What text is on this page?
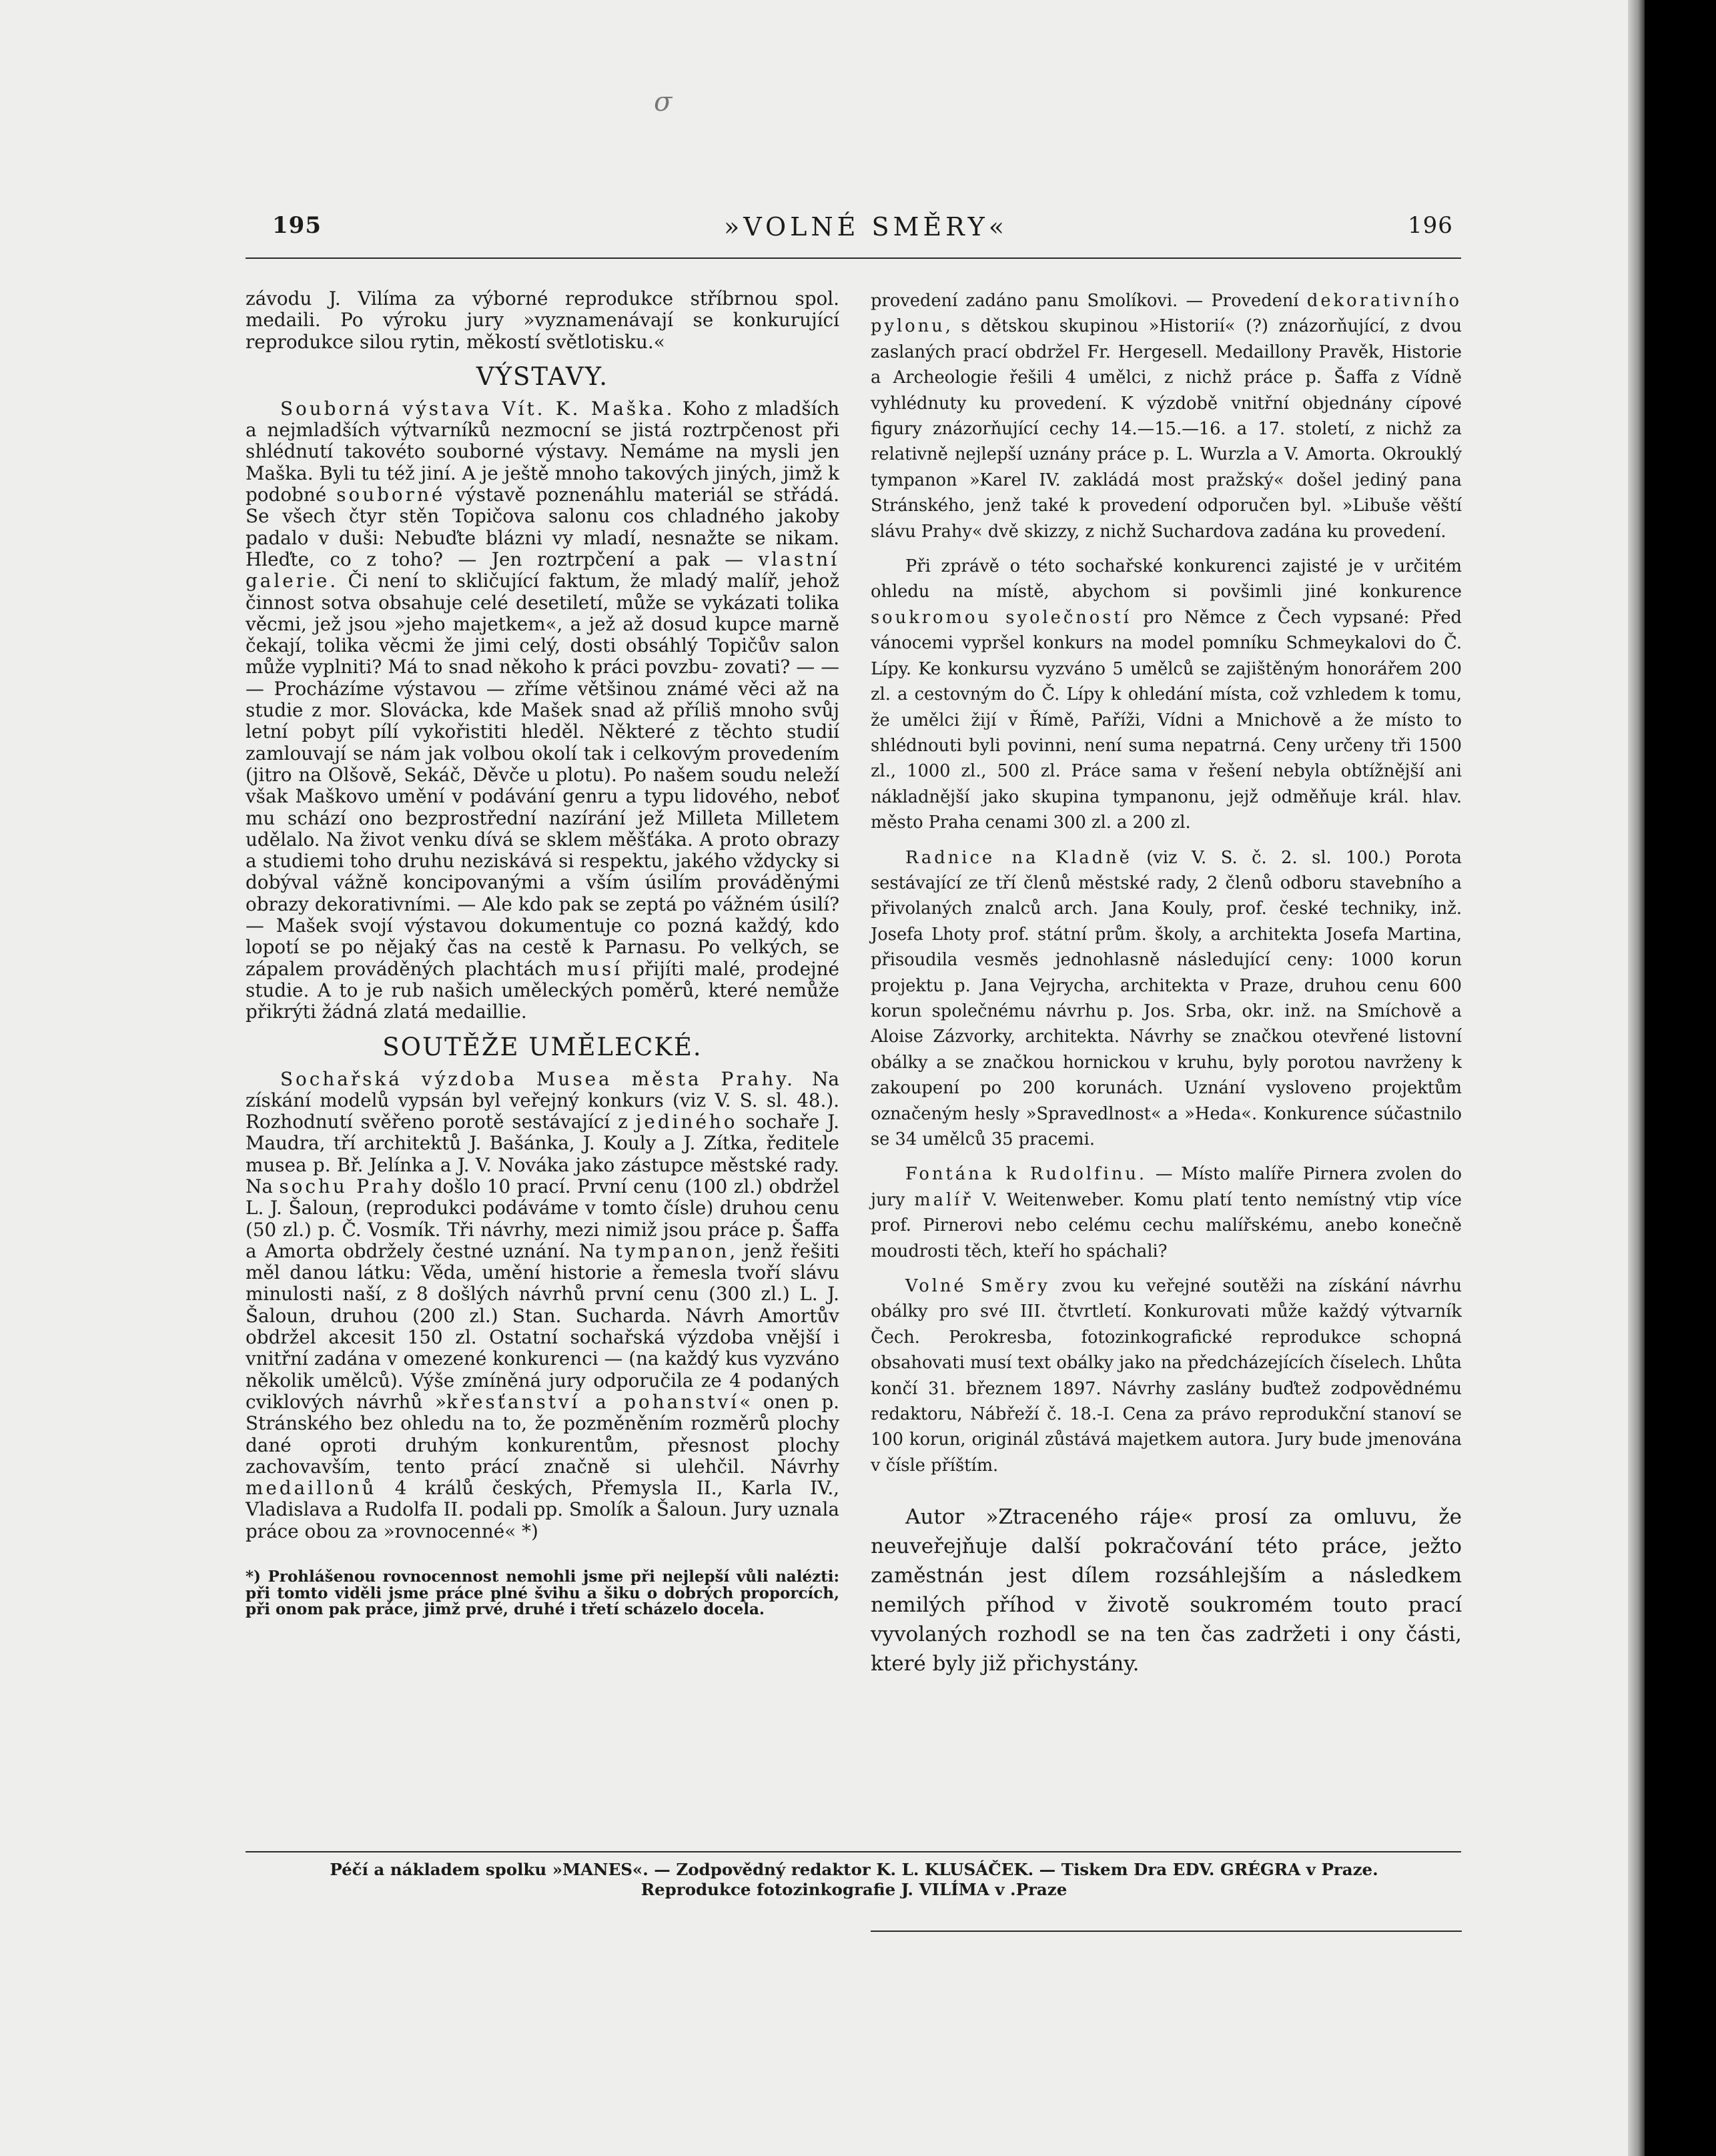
σ
195	»VOLNÉ SMĚRY«	196

závodu J. Vilíma za výborné reprodukce stříbrnou spol. medaili. Po výroku jury »vyznamenávají se konkurující reprodukce silou rytin, měkostí světlotisku.«

VÝSTAVY.

Souborná výstava Vít. K. Maška. Koho z mladších a nejmladších výtvarníků nezmocní se jistá roztrpčenost při shlédnutí takovéto souborné výstavy. Nemáme na mysli jen Maška. Byli tu též jiní. A je ještě mnoho takových jiných, jimž k podobné souborné výstavě poznenáhlu materiál se střádá. Se všech čtyr stěn Topičova salonu cos chladného jakoby padalo v duši: Nebuďte blázni vy mladí, nesnažte se nikam. Hleďte, co z toho? — Jen roztrpčení a pak — vlastní galerie. Či není to skličující faktum, že mladý malíř, jehož činnost sotva obsahuje celé desetiletí, může se vykázati tolika věcmi, jež jsou »jeho majetkem«, a jež až dosud kupce marně čekají, tolika věcmi že jimi celý, dosti obsáhlý Topičův salon může vyplniti? Má to snad někoho k práci povzbu- zovati? — — — Procházíme výstavou — zříme většinou známé věci až na studie z mor. Slovácka, kde Mašek snad až příliš mnoho svůj letní pobyt pílí vykořistiti hleděl. Některé z těchto studií zamlouvají se nám jak volbou okolí tak i celkovým provedením (jitro na Olšově, Sekáč, Děvče u plotu). Po našem soudu neleží však Maškovo umění v podávání genru a typu lidového, neboť mu schází ono bezprostřední nazírání jež Milleta Milletem udělalo. Na život venku dívá se sklem měšťáka. A proto obrazy a studiemi toho druhu neziskává si respektu, jakého vždycky si dobýval vážně koncipovanými a vším úsilím prováděnými obrazy dekorativními. — Ale kdo pak se zeptá po vážném úsilí? — Mašek svojí výstavou dokumentuje co pozná každý, kdo lopotí se po nějaký čas na cestě k Parnasu. Po velkých, se zápalem prováděných plachtách musí přijíti malé, prodejné studie. A to je rub našich uměleckých poměrů, které nemůže přikrýti žádná zlatá medaillie.

SOUTĚŽE UMĚLECKÉ.

Sochařská výzdoba Musea města Prahy. Na získání modelů vypsán byl veřejný konkurs (viz V. S. sl. 48.). Rozhodnutí svěřeno porotě sestávající z jediného sochaře J. Maudra, tří architektů J. Bašánka, J. Kouly a J. Zítka, ředitele musea p. Bř. Jelínka a J. V. Nováka jako zástupce městské rady. Na sochu Prahy došlo 10 prací. První cenu (100 zl.) obdržel L. J. Šaloun, (reprodukci podáváme v tomto čísle) druhou cenu (50 zl.) p. Č. Vosmík. Tři návrhy, mezi nimiž jsou práce p. Šaffa a Amorta obdržely čestné uznání. Na tympanon, jenž řešiti měl danou látku: Věda, umění historie a řemesla tvoří slávu minulosti naší, z 8 došlých návrhů první cenu (300 zl.) L. J. Šaloun, druhou (200 zl.) Stan. Sucharda. Návrh Amortův obdržel akcesit 150 zl. Ostatní sochařská výzdoba vnější i vnitřní zadána v omezené konkurenci — (na každý kus vyzváno několik umělců). Výše zmíněná jury odporučila ze 4 podaných cviklových návrhů »křesťanství a pohanství« onen p. Stránského bez ohledu na to, že pozměněním rozměrů plochy dané oproti druhým konkurentům, přesnost plochy zachovavším, tento prácí značně si ulehčil. Návrhy medaillonů 4 králů českých, Přemysla II., Karla IV., Vladislava a Rudolfa II. podali pp. Smolík a Šaloun. Jury uznala práce obou za »rovnocenné« *)

*) Prohlášenou rovnocennost nemohli jsme při nejlepší vůli nalézti: při tomto viděli jsme práce plné švihu a šiku o dobrých proporcích, při onom pak práce, jimž prvé, druhé i třetí scházelo docela.

provedení zadáno panu Smolíkovi. — Provedení dekorativního pylonu, s dětskou skupinou »Historií« (?) znázorňující, z dvou zaslaných prací obdržel Fr. Hergesell. Medaillony Pravěk, Historie a Archeologie řešili 4 umělci, z nichž práce p. Šaffa z Vídně vyhlédnuty ku provedení. K výzdobě vnitřní objednány cípové figury znázorňující cechy 14.—15.—16. a 17. století, z nichž za relativně nejlepší uznány práce p. L. Wurzla a V. Amorta. Okrouklý tympanon »Karel IV. zakládá most pražský« došel jediný pana Stránského, jenž také k provedení odporučen byl. »Libuše věští slávu Prahy« dvě skizzy, z nichž Suchardova zadána ku provedení.

Při zprávě o této sochařské konkurenci zajisté je v určitém ohledu na místě, abychom si povšimli jiné konkurence soukromou syolečností pro Němce z Čech vypsané: Před vánocemi vypršel konkurs na model pomníku Schmeykalovi do Č. Lípy. Ke konkursu vyzváno 5 umělců se zajištěným honorářem 200 zl. a cestovným do Č. Lípy k ohledání místa, což vzhledem k tomu, že umělci žijí v Římě, Paříži, Vídni a Mnichově a že místo to shlédnouti byli povinni, není suma nepatrná. Ceny určeny tři 1500 zl., 1000 zl., 500 zl. Práce sama v řešení nebyla obtížnější ani nákladnější jako skupina tympanonu, jejž odměňuje král. hlav. město Praha cenami 300 zl. a 200 zl.

Radnice na Kladně (viz V. S. č. 2. sl. 100.) Porota sestávající ze tří členů městské rady, 2 členů odboru stavebního a přivolaných znalců arch. Jana Kouly, prof. české techniky, inž. Josefa Lhoty prof. státní prům. školy, a architekta Josefa Martina, přisoudila vesměs jednohlasně následující ceny: 1000 korun projektu p. Jana Vejrycha, architekta v Praze, druhou cenu 600 korun společnému návrhu p. Jos. Srba, okr. inž. na Smíchově a Aloise Zázvorky, architekta. Návrhy se značkou otevřené listovní obálky a se značkou hornickou v kruhu, byly porotou navrženy k zakoupení po 200 korunách. Uznání vysloveno projektům označeným hesly »Spravedlnost« a »Heda«. Konkurence súčastnilo se 34 umělců 35 pracemi.

Fontána k Rudolfinu. — Místo malíře Pirnera zvolen do jury malíř V. Weitenweber. Komu platí tento nemístný vtip více prof. Pirnerovi nebo celému cechu malířskému, anebo konečně moudrosti těch, kteří ho spáchali?

Volné Směry zvou ku veřejné soutěži na získání návrhu obálky pro své III. čtvrtletí. Konkurovati může každý výtvarník Čech. Perokresba, fotozinkografické reprodukce schopná obsahovati musí text obálky jako na předcházejících číselech. Lhůta končí 31. březnem 1897. Návrhy zaslány buďtež zodpovědnému redaktoru, Nábřeží č. 18.-I. Cena za právo reprodukční stanoví se 100 korun, originál zůstává majetkem autora. Jury bude jmenována v čísle příštím.

Autor »Ztraceného ráje« prosí za omluvu, že neuveřejňuje další pokračování této práce, ježto zaměstnán jest dílem rozsáhlejším a následkem nemilých příhod v životě soukromém touto prací vyvolaných rozhodl se na ten čas zadržeti i ony části, které byly již přichystány.

Péčí a nákladem spolku »MANES«. — Zodpovědný redaktor K. L. KLUSÁČEK. — Tiskem Dra EDV. GRÉGRA v Praze.
Reprodukce fotozinkografie J. VILÍMA v .Praze
